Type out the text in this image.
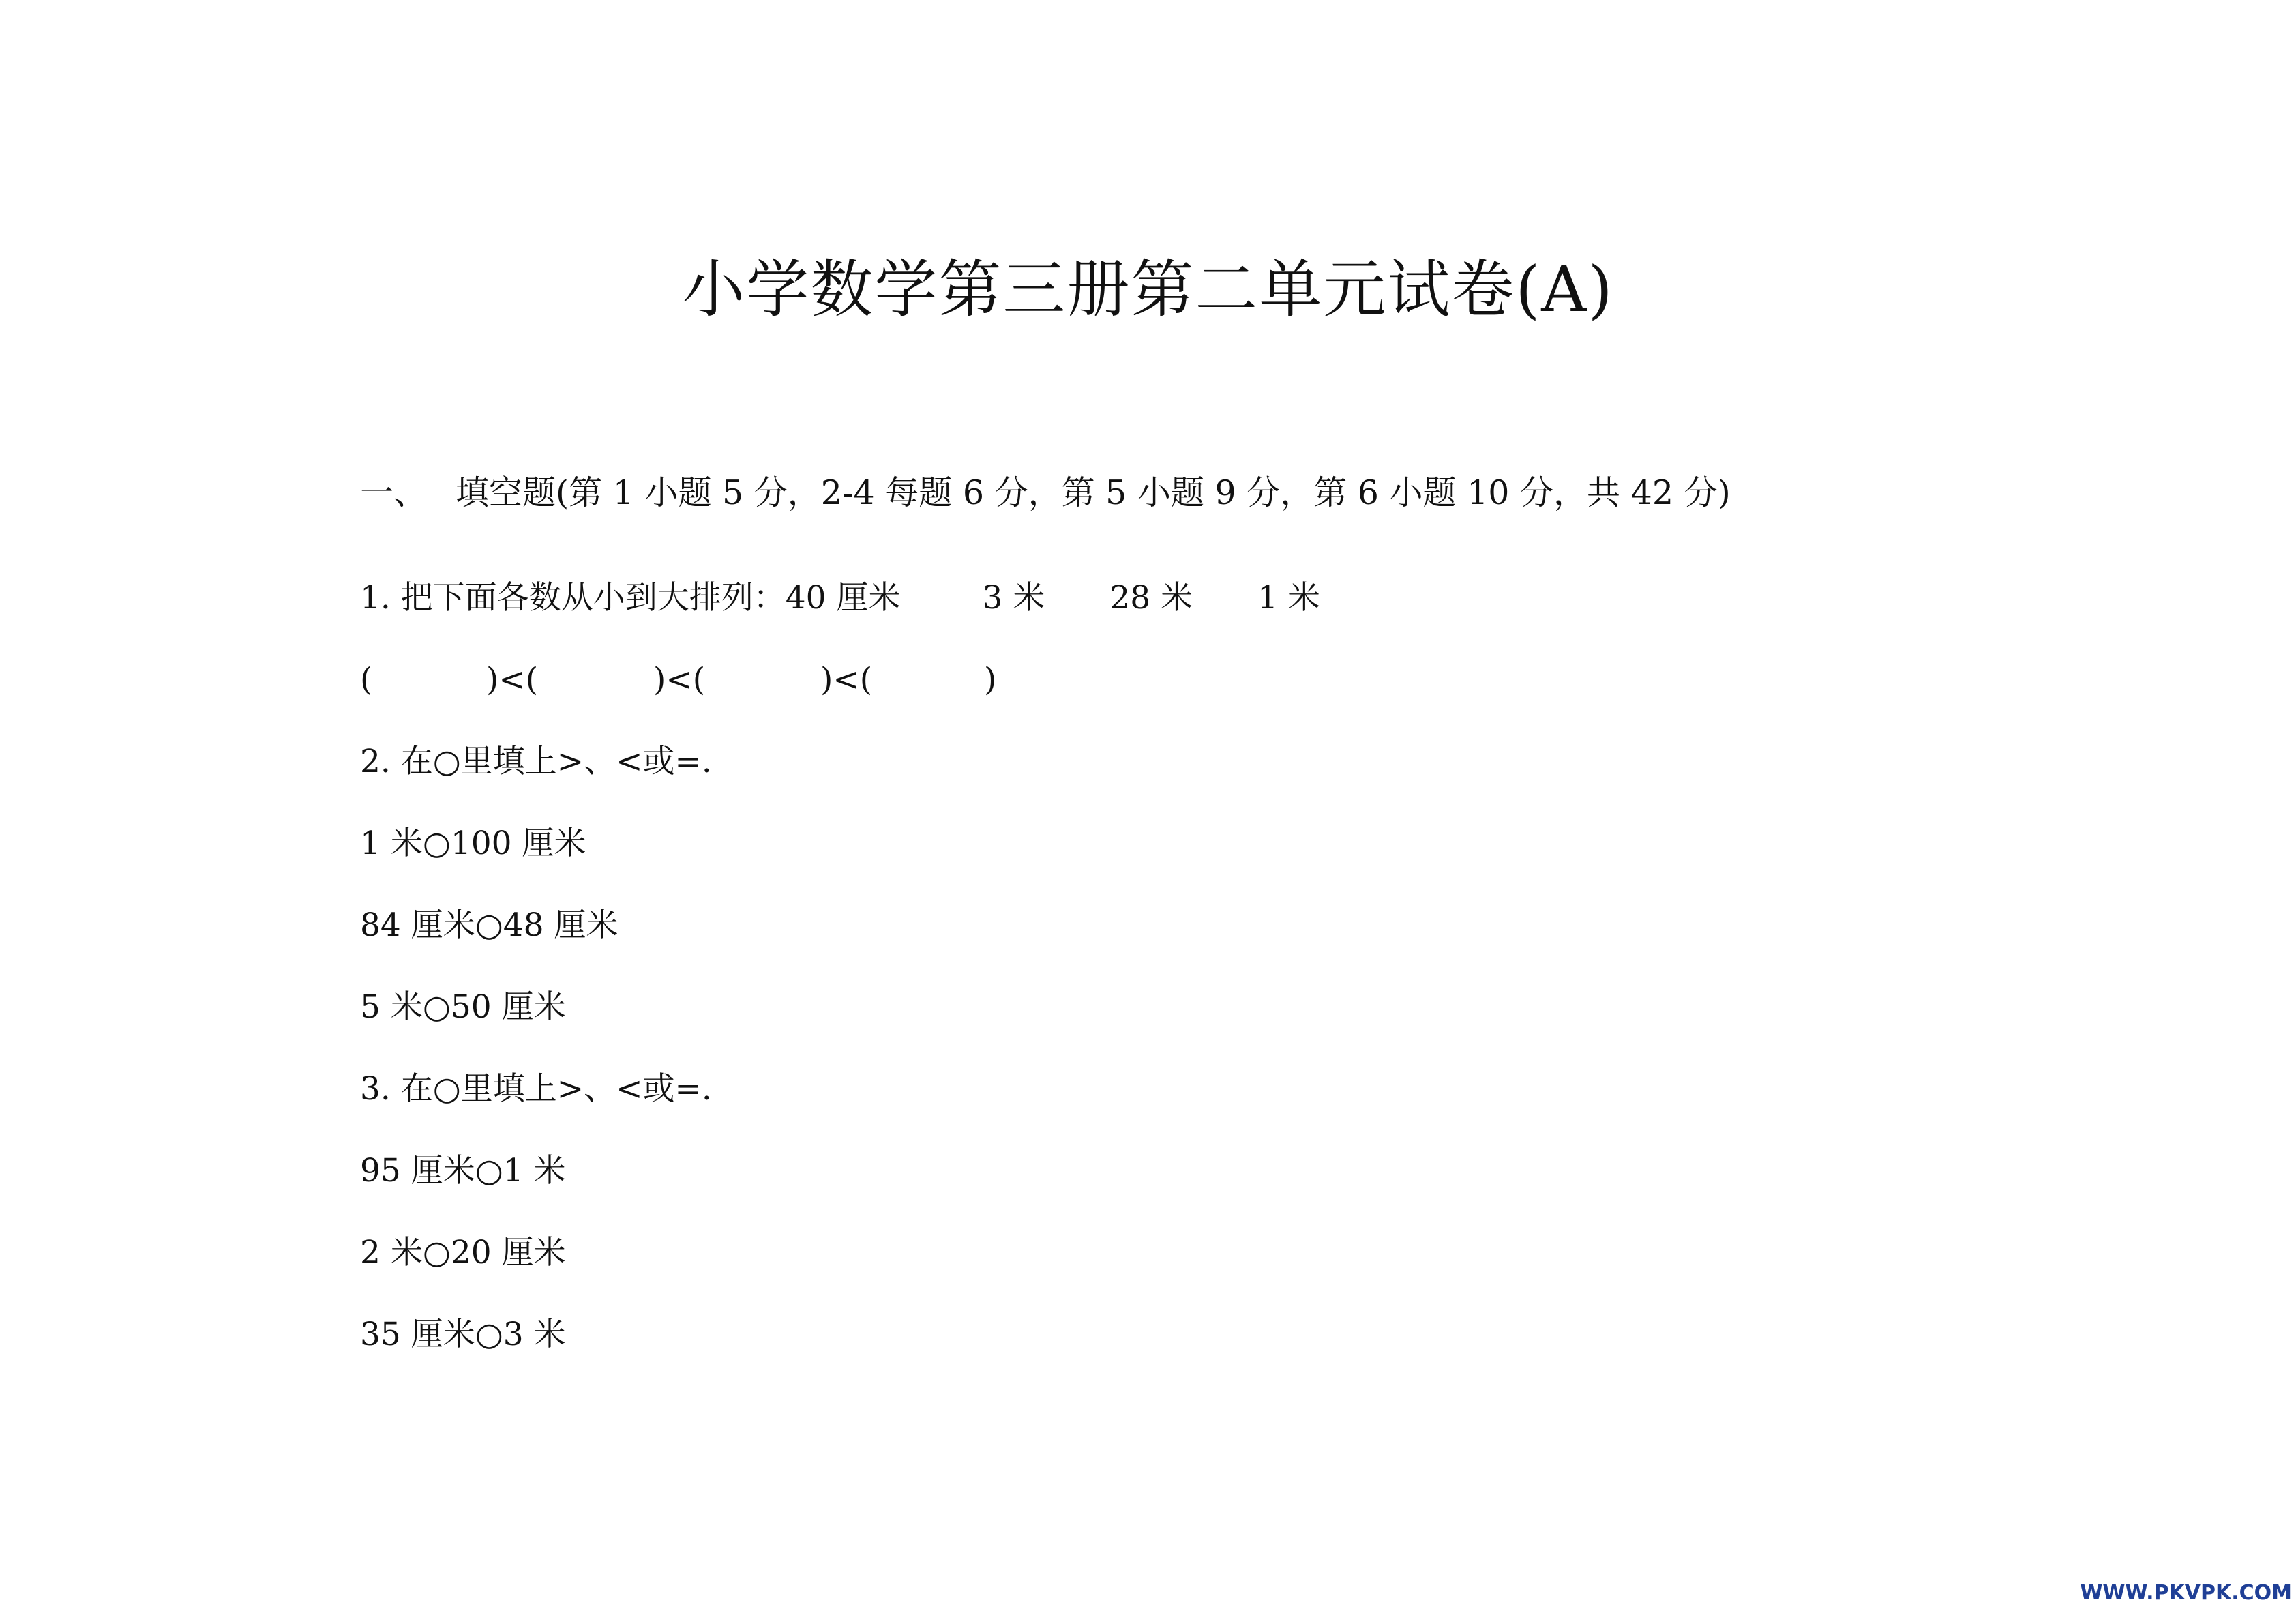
小学数学第三册第二单元试卷(A)
一、 填空题(第 1 小题 5 分，2-4 每题 6 分，第 5 小题 9 分，第 6 小题 10 分，共 42 分)
1. 把下面各数从小到大排列：40 厘米	3 米 28 米 1 米
(	)<(	)<(	)<(	)
2. 在○里填上>、<或=.
1 米○100 厘米
84 厘米○48 厘米
5 米○50 厘米
3. 在○里填上>、<或=.
95 厘米○1 米
2 米○20 厘米
35 厘米○3 米
WWW.PKVPK.COM
